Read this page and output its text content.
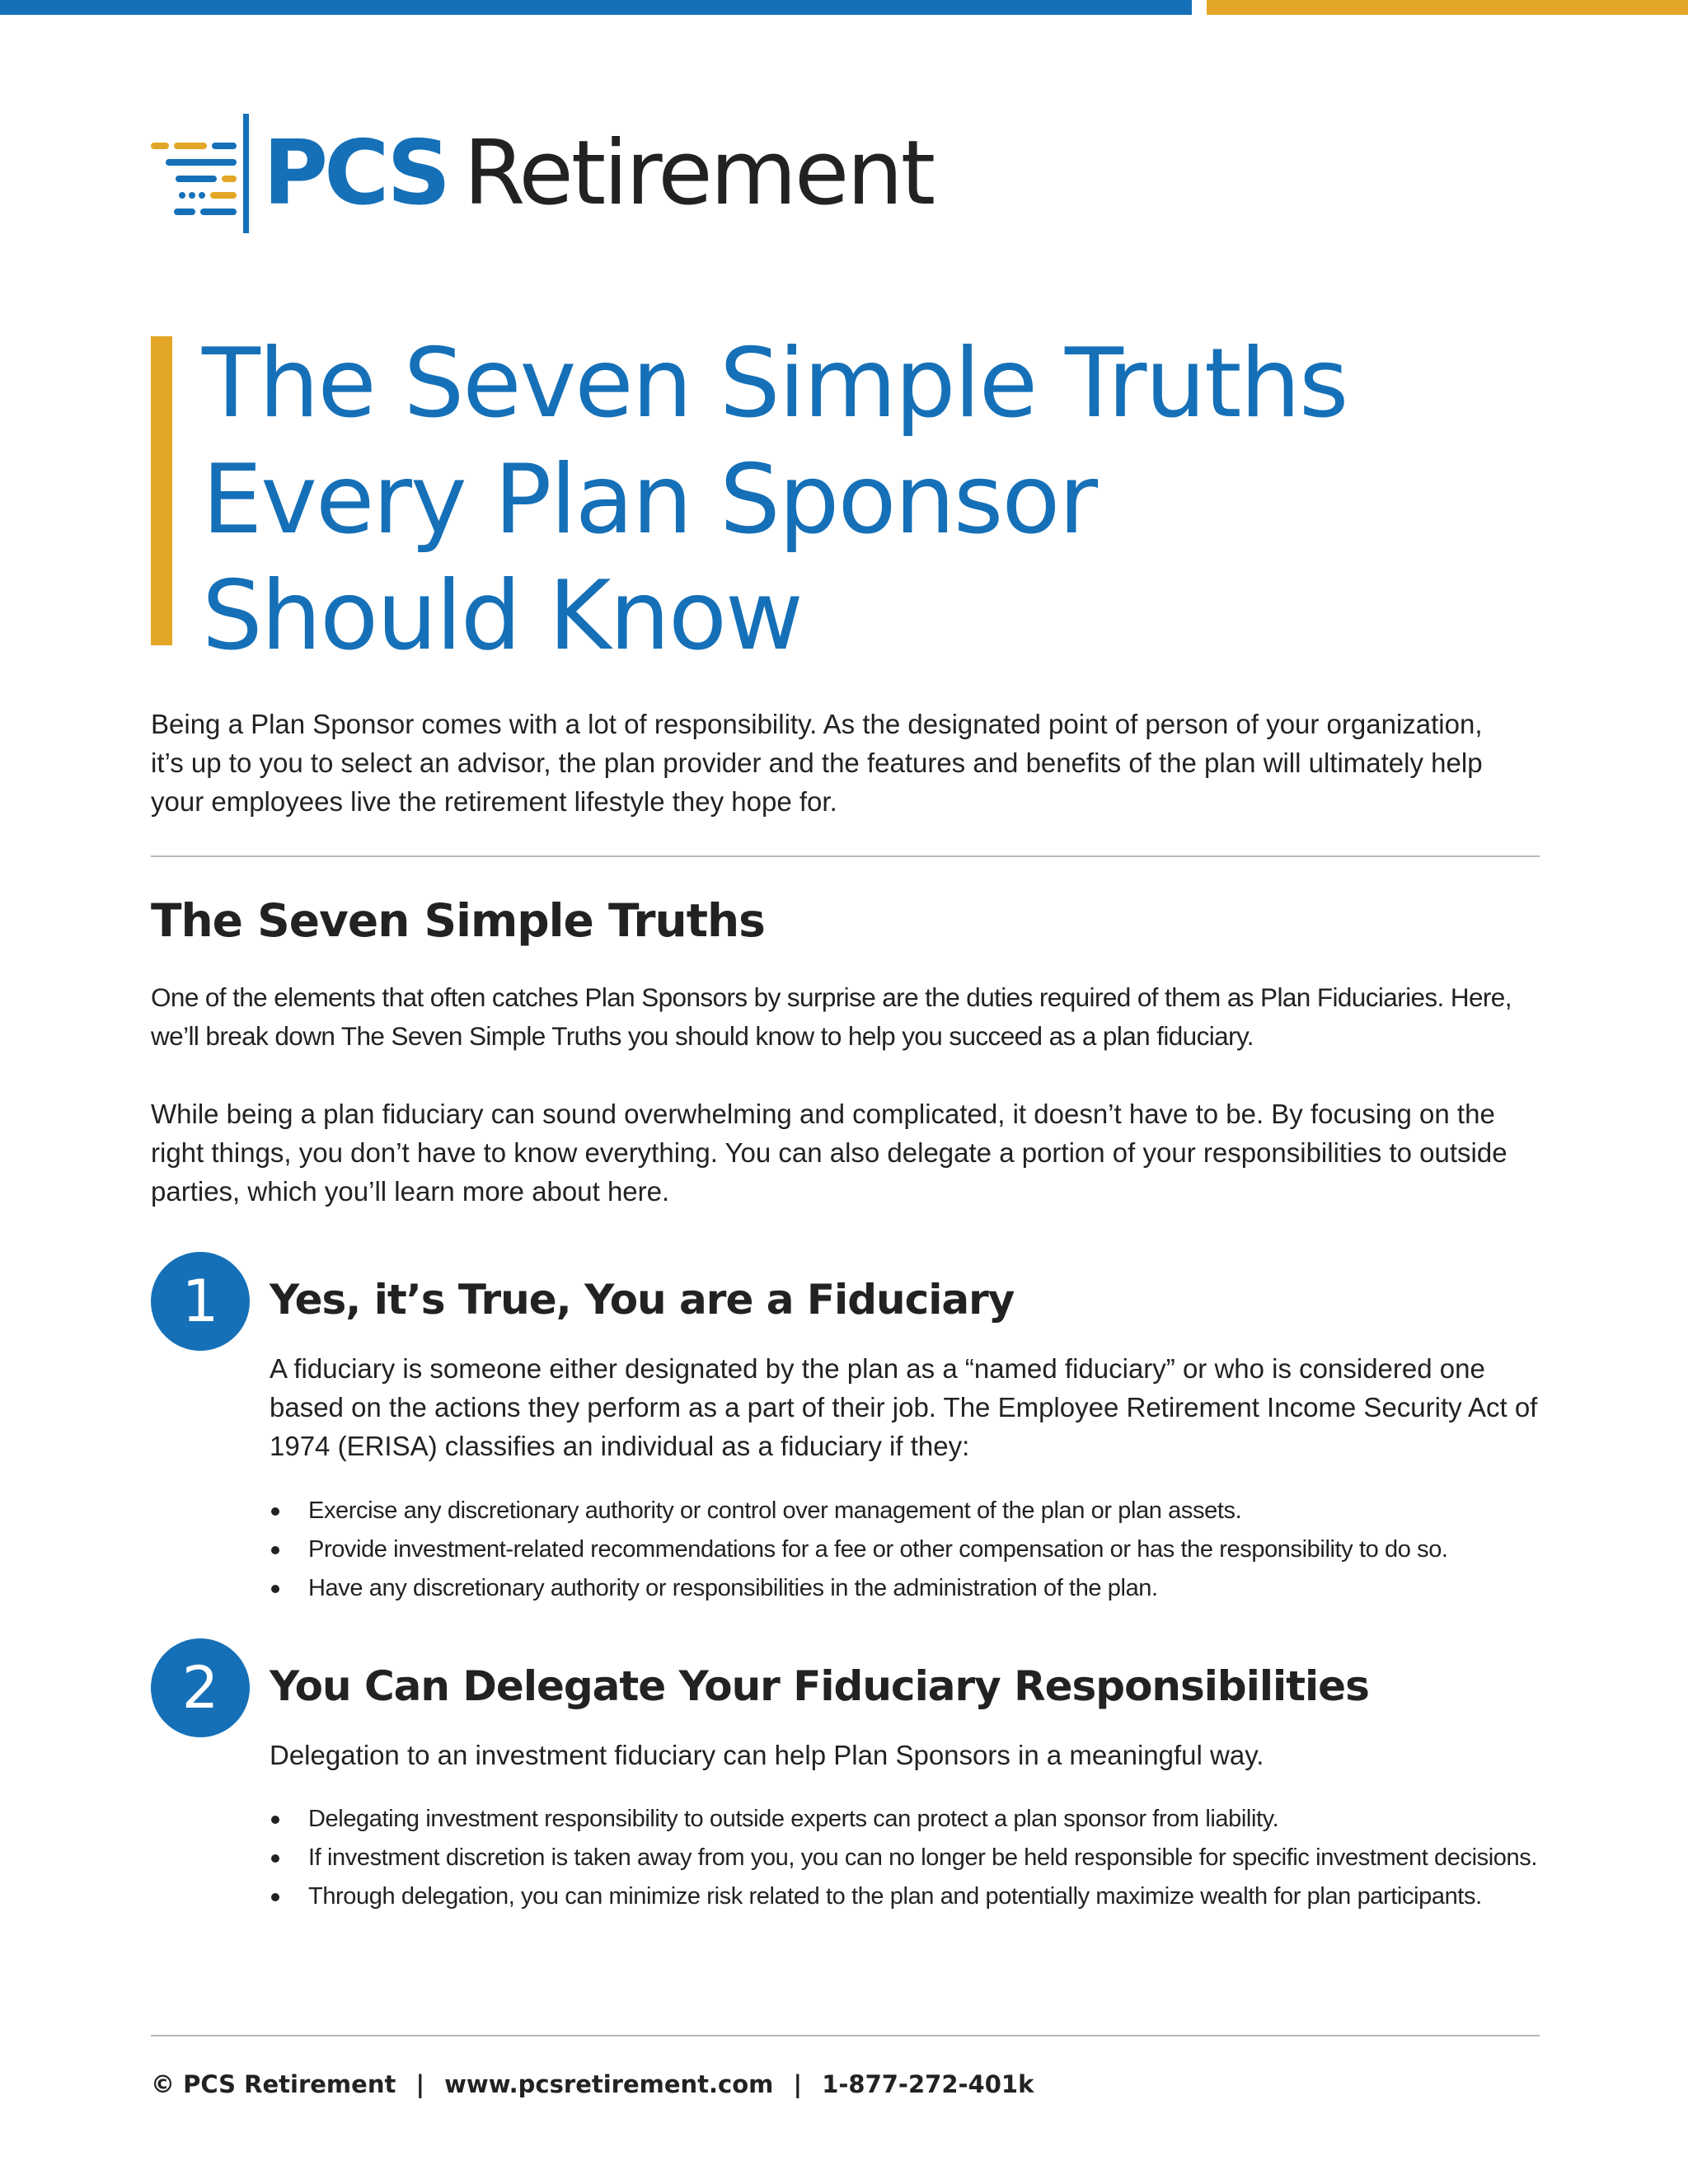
PCS Retirement
The Seven Simple Truths
Every Plan Sponsor
Should Know

Being a Plan Sponsor comes with a lot of responsibility. As the designated point of person of your organization, it’s up to you to select an advisor, the plan provider and the features and benefits of the plan will ultimately help your employees live the retirement lifestyle they hope for.

The Seven Simple Truths

One of the elements that often catches Plan Sponsors by surprise are the duties required of them as Plan Fiduciaries. Here, we’ll break down The Seven Simple Truths you should know to help you succeed as a plan fiduciary.

While being a plan fiduciary can sound overwhelming and complicated, it doesn’t have to be. By focusing on the right things, you don’t have to know everything. You can also delegate a portion of your responsibilities to outside parties, which you’ll learn more about here.

1	Yes, it’s True, You are a Fiduciary

A fiduciary is someone either designated by the plan as a “named fiduciary” or who is considered one based on the actions they perform as a part of their job. The Employee Retirement Income Security Act of 1974 (ERISA) classifies an individual as a fiduciary if they:

Exercise any discretionary authority or control over management of the plan or plan assets.
Provide investment-related recommendations for a fee or other compensation or has the responsibility to do so.
Have any discretionary authority or responsibilities in the administration of the plan.
2	You Can Delegate Your Fiduciary Responsibilities

Delegation to an investment fiduciary can help Plan Sponsors in a meaningful way.

Delegating investment responsibility to outside experts can protect a plan sponsor from liability.
If investment discretion is taken away from you, you can no longer be held responsible for specific investment decisions.
Through delegation, you can minimize risk related to the plan and potentially maximize wealth for plan participants.
© PCS Retirement | www.pcsretirement.com | 1-877-272-401k
